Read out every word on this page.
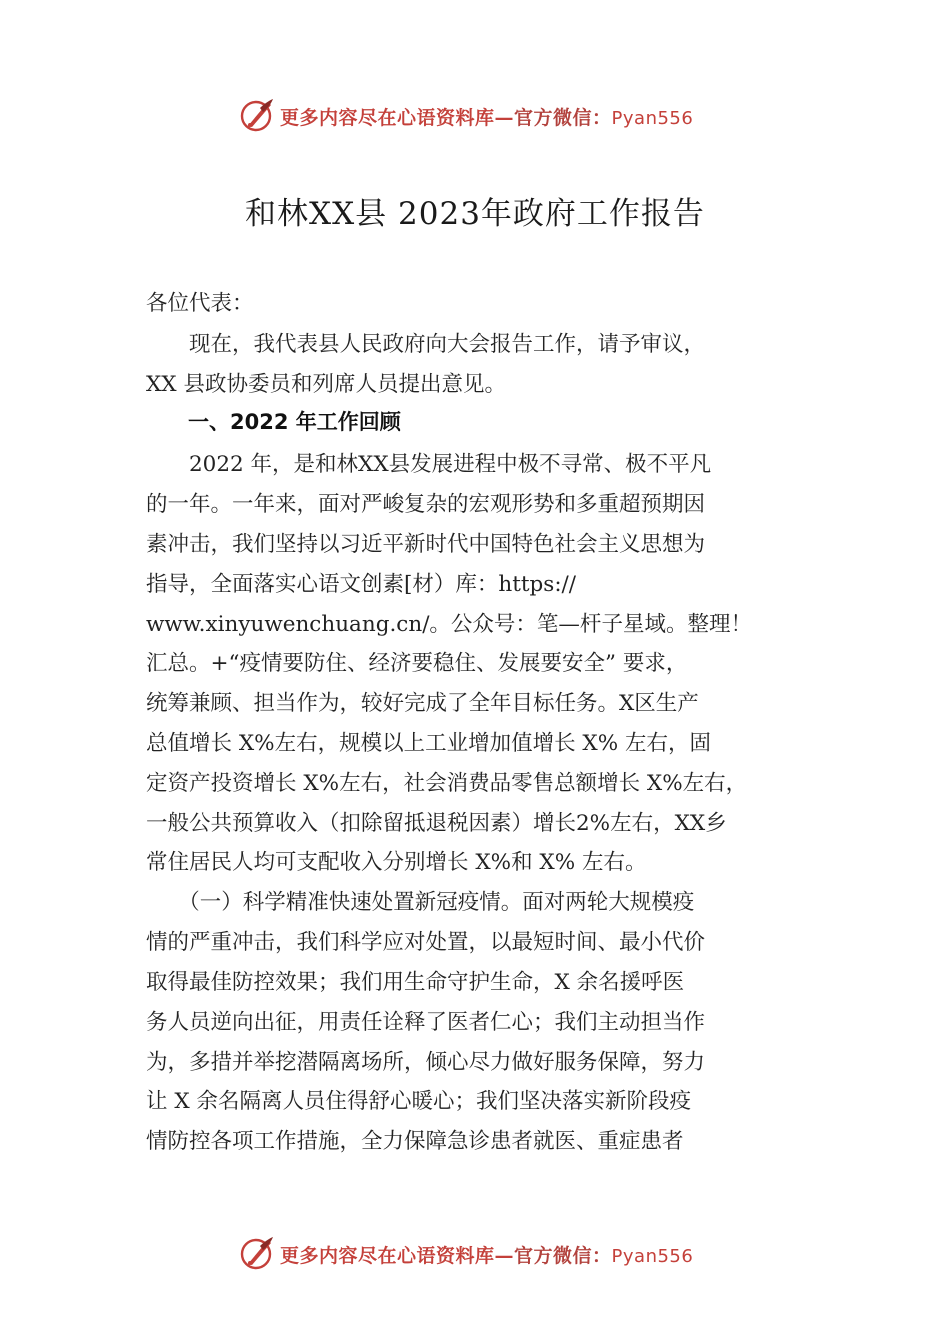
更多内容尽在心语资料库—官方微信：Pyan556
和林XX县 2023年政府工作报告
各位代表：
　　现在，我代表县人民政府向大会报告工作，请予审议，
XX 县政协委员和列席人员提出意见。
　　一、2022 年工作回顾
　　2022 年，是和林XX县发展进程中极不寻常、极不平凡
的一年。一年来，面对严峻复杂的宏观形势和多重超预期因
素冲击，我们坚持以习近平新时代中国特色社会主义思想为
指导，全面落实心语文创素[材）库：https://
www.xinyuwenchuang.cn/。公众号：笔—杆子星域。整理！
汇总。+“疫情要防住、经济要稳住、发展要安全” 要求，
统筹兼顾、担当作为，较好完成了全年目标任务。X区生产
总值增长 X%左右，规模以上工业增加值增长 X% 左右，固
定资产投资增长 X%左右，社会消费品零售总额增长 X%左右，
一般公共预算收入（扣除留抵退税因素）增长2%左右，XX乡
常住居民人均可支配收入分别增长 X%和 X% 左右。
　　（一）科学精准快速处置新冠疫情。面对两轮大规模疫
情的严重冲击，我们科学应对处置，以最短时间、最小代价
取得最佳防控效果；我们用生命守护生命，X 余名援呼医
务人员逆向出征，用责任诠释了医者仁心；我们主动担当作
为，多措并举挖潜隔离场所，倾心尽力做好服务保障，努力
让 X 余名隔离人员住得舒心暖心；我们坚决落实新阶段疫
情防控各项工作措施，全力保障急诊患者就医、重症患者
更多内容尽在心语资料库—官方微信：Pyan556
